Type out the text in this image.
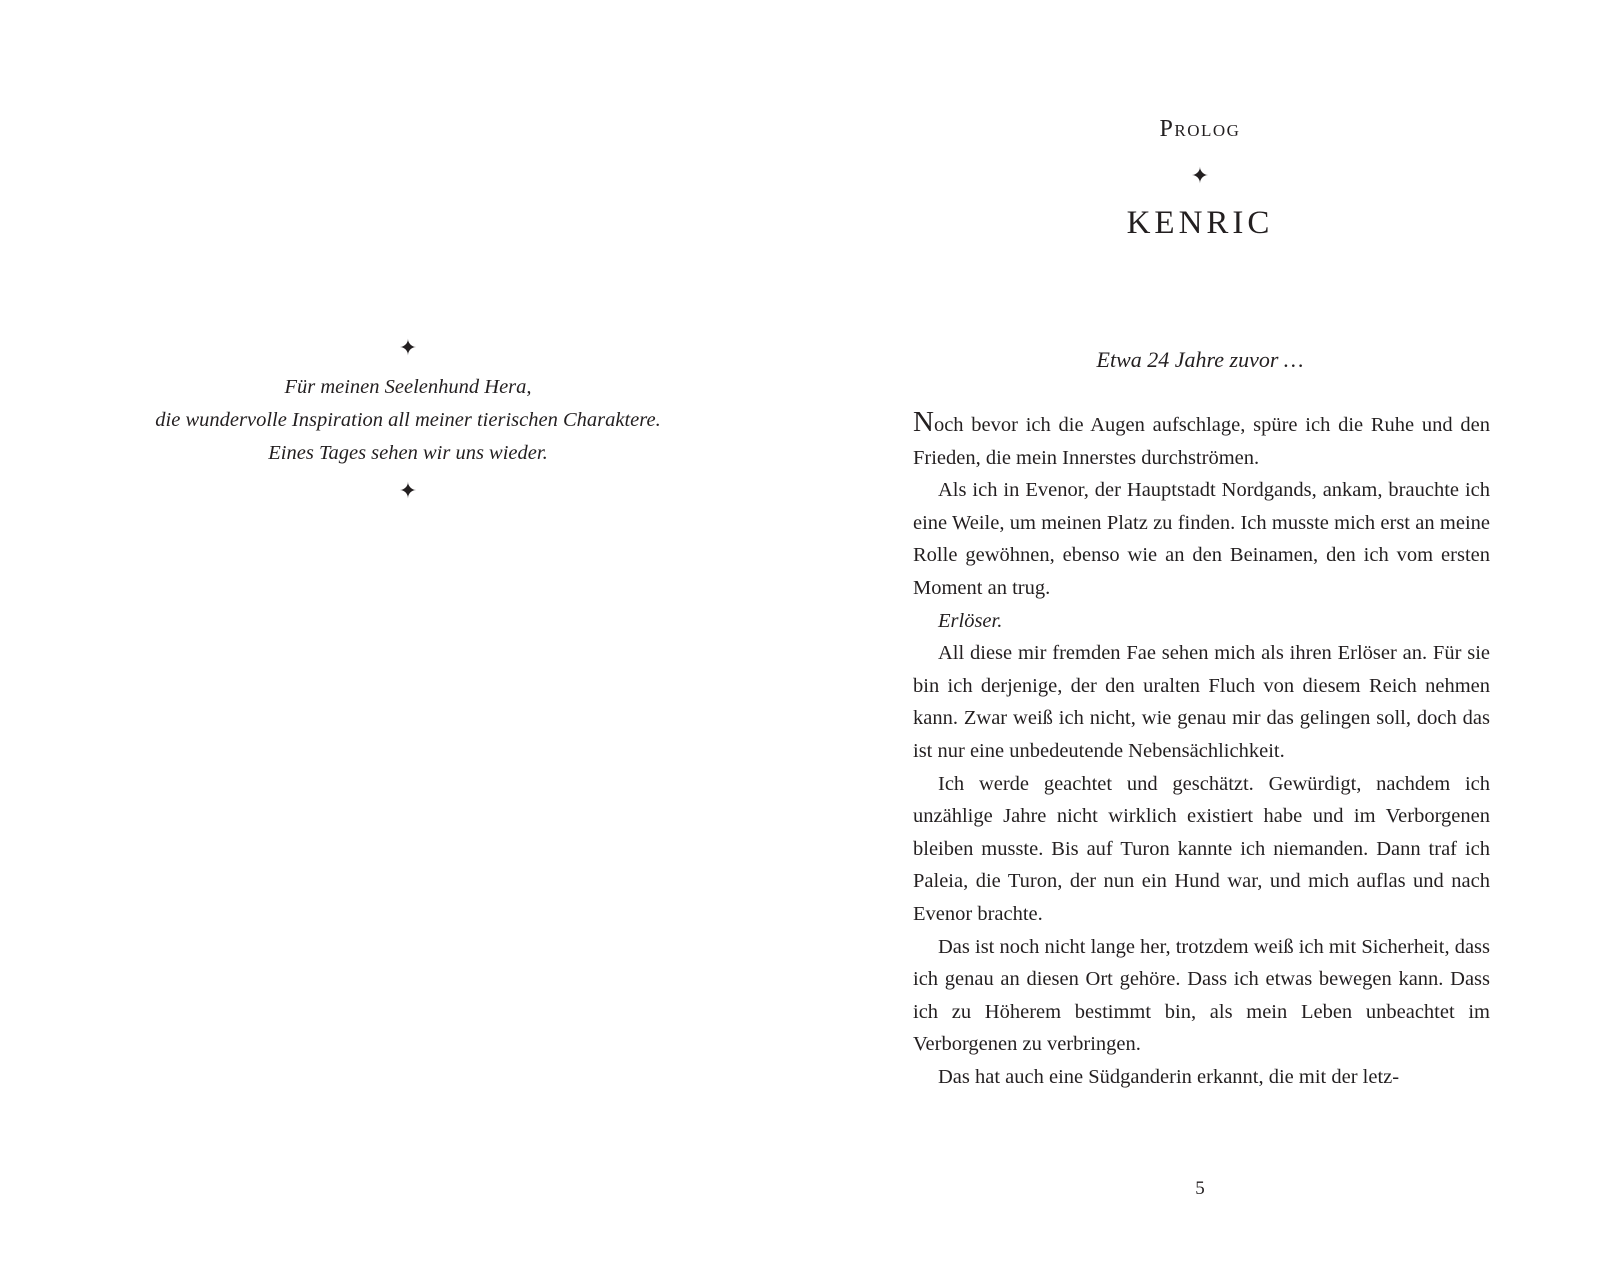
✦
Für meinen Seelenhund Hera,
die wundervolle Inspiration all meiner tierischen Charaktere.
Eines Tages sehen wir uns wieder.
✦
Prolog
✦
KENRIC
Etwa 24 Jahre zuvor …

Noch bevor ich die Augen aufschlage, spüre ich die Ruhe und den Frieden, die mein Innerstes durchströmen.

Als ich in Evenor, der Hauptstadt Nordgands, ankam, brauchte ich eine Weile, um meinen Platz zu finden. Ich musste mich erst an meine Rolle gewöhnen, ebenso wie an den Beinamen, den ich vom ersten Moment an trug.

Erlöser.

All diese mir fremden Fae sehen mich als ihren Erlöser an. Für sie bin ich derjenige, der den uralten Fluch von diesem Reich nehmen kann. Zwar weiß ich nicht, wie genau mir das gelingen soll, doch das ist nur eine unbedeutende Nebensächlichkeit.

Ich werde geachtet und geschätzt. Gewürdigt, nachdem ich unzählige Jahre nicht wirklich existiert habe und im Verborgenen bleiben musste. Bis auf Turon kannte ich niemanden. Dann traf ich Paleia, die Turon, der nun ein Hund war, und mich auflas und nach Evenor brachte.

Das ist noch nicht lange her, trotzdem weiß ich mit Sicherheit, dass ich genau an diesen Ort gehöre. Dass ich etwas bewegen kann. Dass ich zu Höherem bestimmt bin, als mein Leben unbeachtet im Verborgenen zu verbringen.

Das hat auch eine Südganderin erkannt, die mit der letz-

5
